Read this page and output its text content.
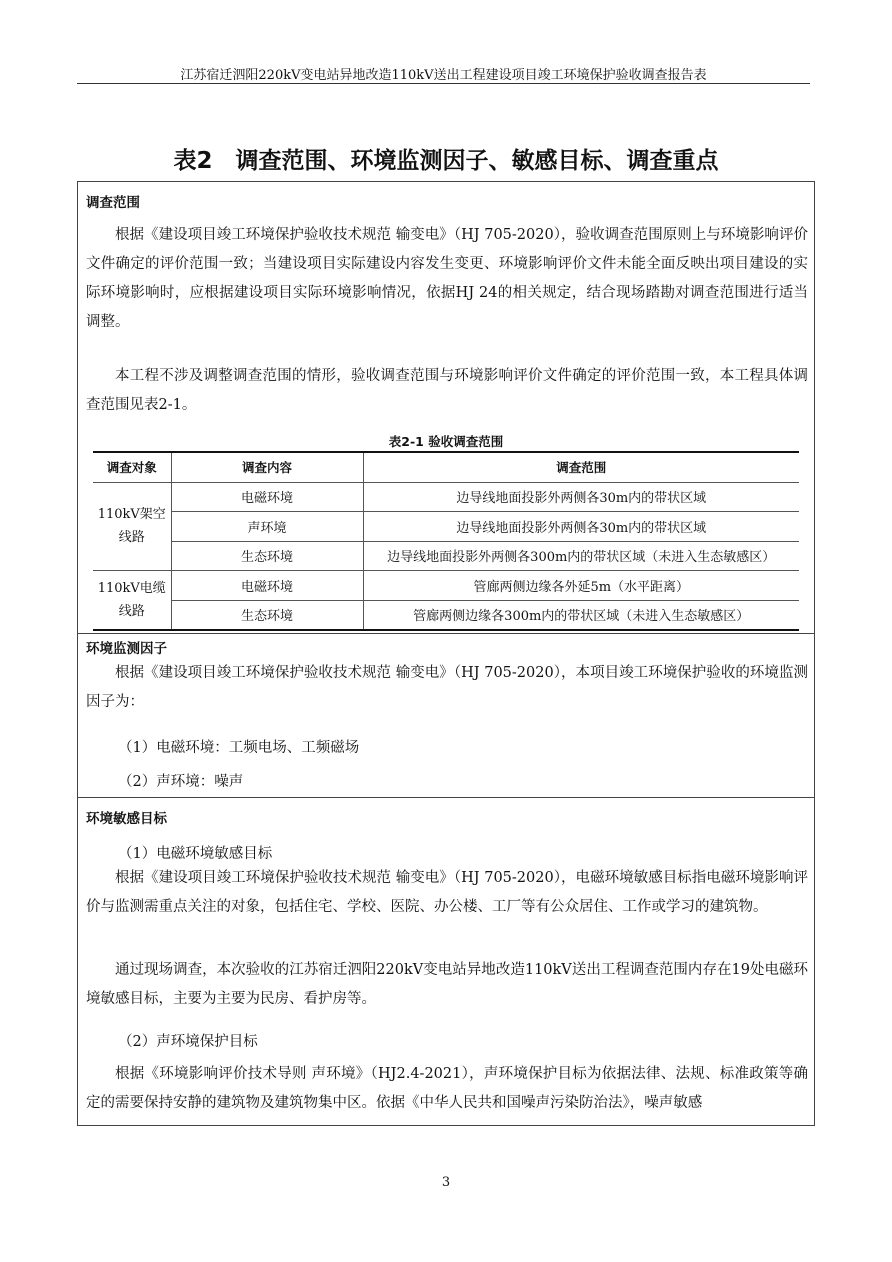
江苏宿迁泗阳220kV变电站异地改造110kV送出工程建设项目竣工环境保护验收调查报告表
表2　调查范围、环境监测因子、敏感目标、调查重点
调查范围

根据《建设项目竣工环境保护验收技术规范 输变电》（HJ 705-2020），验收调查范围原则上与环境影响评价文件确定的评价范围一致；当建设项目实际建设内容发生变更、环境影响评价文件未能全面反映出项目建设的实际环境影响时，应根据建设项目实际环境影响情况，依据HJ 24的相关规定，结合现场踏勘对调查范围进行适当调整。

本工程不涉及调整调查范围的情形，验收调查范围与环境影响评价文件确定的评价范围一致，本工程具体调查范围见表2-1。

表2-1 验收调查范围
调查对象	调查内容	调查范围
110kV架空线路	电磁环境	边导线地面投影外两侧各30m内的带状区域
	声环境	边导线地面投影外两侧各30m内的带状区域
	生态环境	边导线地面投影外两侧各300m内的带状区域（未进入生态敏感区）
110kV电缆线路	电磁环境	管廊两侧边缘各外延5m（水平距离）
	生态环境	管廊两侧边缘各300m内的带状区域（未进入生态敏感区）
环境监测因子

根据《建设项目竣工环境保护验收技术规范 输变电》（HJ 705-2020），本项目竣工环境保护验收的环境监测因子为：

（1）电磁环境：工频电场、工频磁场
（2）声环境：噪声
环境敏感目标
（1）电磁环境敏感目标

根据《建设项目竣工环境保护验收技术规范 输变电》（HJ 705-2020），电磁环境敏感目标指电磁环境影响评价与监测需重点关注的对象，包括住宅、学校、医院、办公楼、工厂等有公众居住、工作或学习的建筑物。

通过现场调查，本次验收的江苏宿迁泗阳220kV变电站异地改造110kV送出工程调查范围内存在19处电磁环境敏感目标，主要为主要为民房、看护房等。

（2）声环境保护目标

根据《环境影响评价技术导则 声环境》（HJ2.4-2021），声环境保护目标为依据法律、法规、标准政策等确定的需要保持安静的建筑物及建筑物集中区。依据《中华人民共和国噪声污染防治法》，噪声敏感

3
